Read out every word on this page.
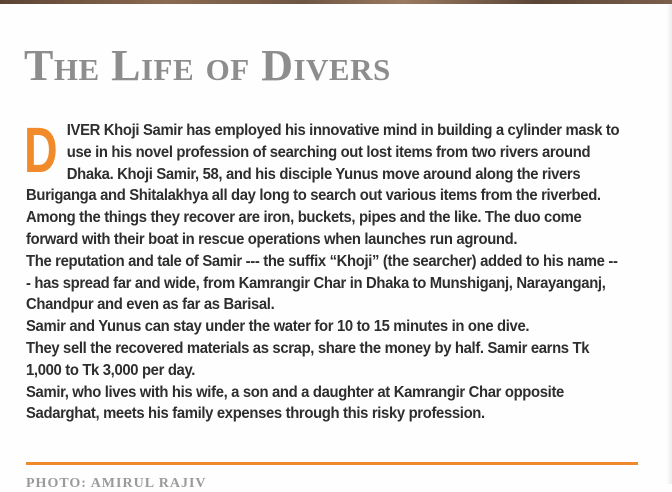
The Life of Divers

DIVER Khoji Samir has employed his innovative mind in building a cylinder mask to use in his novel profession of searching out lost items from two rivers around Dhaka. Khoji Samir, 58, and his disciple Yunus move around along the rivers Buriganga and Shitalakhya all day long to search out various items from the riverbed. Among the things they recover are iron, buckets, pipes and the like. The duo come forward with their boat in rescue operations when launches run aground.

The reputation and tale of Samir --- the suffix “Khoji” (the searcher) added to his name --- has spread far and wide, from Kamrangir Char in Dhaka to Munshiganj, Narayanganj, Chandpur and even as far as Barisal.

Samir and Yunus can stay under the water for 10 to 15 minutes in one dive.

They sell the recovered materials as scrap, share the money by half. Samir earns Tk 1,000 to Tk 3,000 per day.

Samir, who lives with his wife, a son and a daughter at Kamrangir Char opposite Sadarghat, meets his family expenses through this risky profession.

PHOTO: AMIRUL RAJIV
